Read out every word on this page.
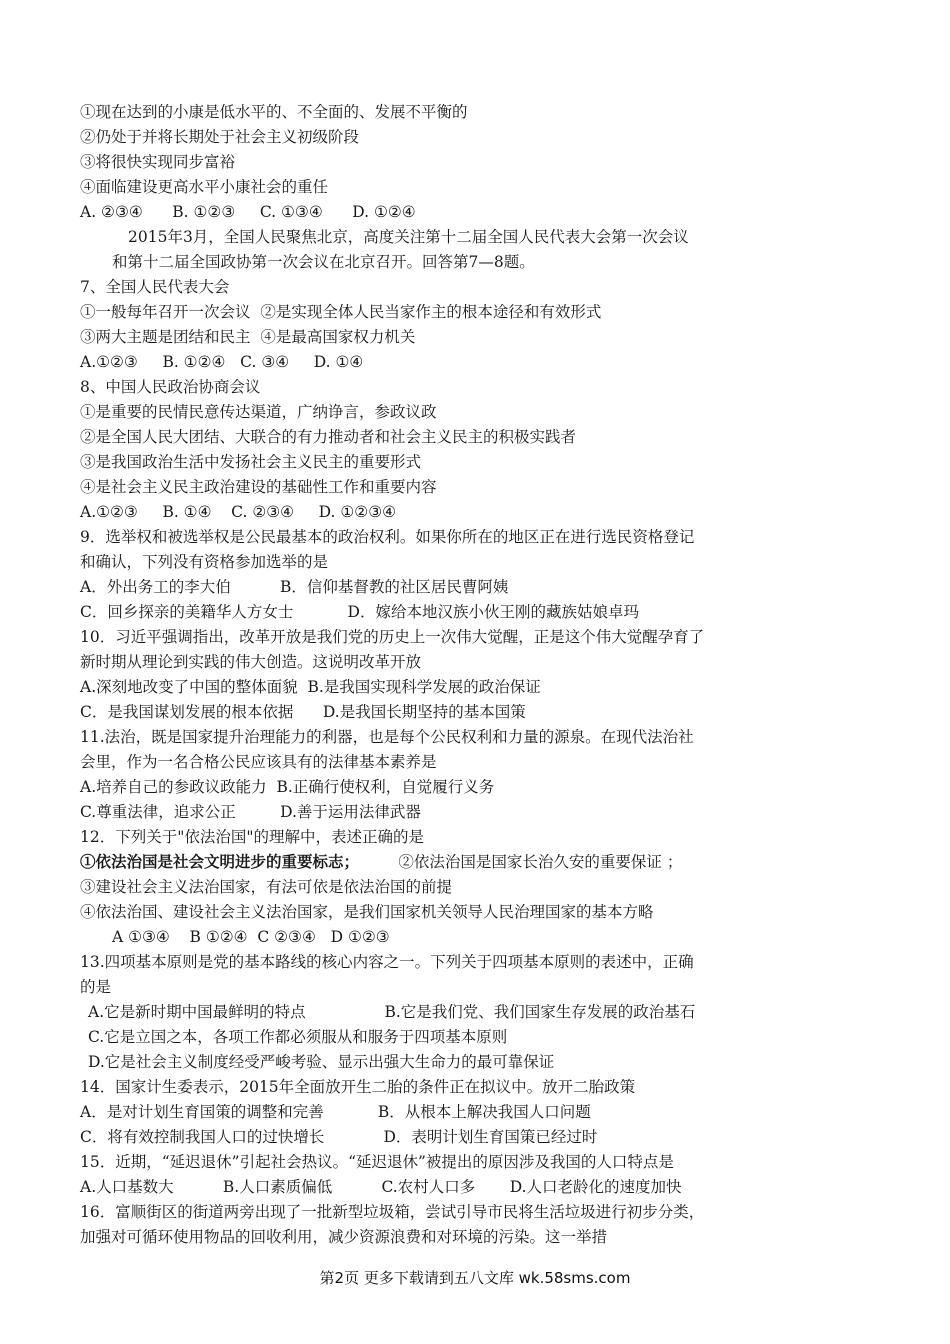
①现在达到的小康是低水平的、不全面的、发展不平衡的
②仍处于并将长期处于社会主义初级阶段
③将很快实现同步富裕
④面临建设更高水平小康社会的重任
A. ②③④      B. ①②③     C. ①③④      D. ①②④
2015年3月，全国人民聚焦北京，高度关注第十二届全国人民代表大会第一次会议
和第十二届全国政协第一次会议在北京召开。回答第7—8题。
7、全国人民代表大会
①一般每年召开一次会议  ②是实现全体人民当家作主的根本途径和有效形式
③两大主题是团结和民主  ④是最高国家权力机关
A.①②③     B. ①②④   C. ③④     D. ①④
8、中国人民政治协商会议
①是重要的民情民意传达渠道，广纳诤言，参政议政
②是全国人民大团结、大联合的有力推动者和社会主义民主的积极实践者
③是我国政治生活中发扬社会主义民主的重要形式
④是社会主义民主政治建设的基础性工作和重要内容
A.①②③     B. ①④    C. ②③④     D. ①②③④
9．选举权和被选举权是公民最基本的政治权利。如果你所在的地区正在进行选民资格登记
和确认，下列没有资格参加选举的是
A．外出务工的李大伯          B．信仰基督教的社区居民曹阿姨
C．回乡探亲的美籍华人方女士           D．嫁给本地汉族小伙王刚的藏族姑娘卓玛
10．习近平强调指出，改革开放是我们党的历史上一次伟大觉醒，正是这个伟大觉醒孕育了
新时期从理论到实践的伟大创造。这说明改革开放
A.深刻地改变了中国的整体面貌  B.是我国实现科学发展的政治保证
C．是我国谋划发展的根本依据      D.是我国长期坚持的基本国策
11.法治，既是国家提升治理能力的利器，也是每个公民权利和力量的源泉。在现代法治社
会里，作为一名合格公民应该具有的法律基本素养是
A.培养自己的参政议政能力  B.正确行使权利，自觉履行义务
C.尊重法律，追求公正         D.善于运用法律武器
12．下列关于"依法治国"的理解中，表述正确的是
①依法治国是社会文明进步的重要标志；        ②依法治国是国家长治久安的重要保证 ；
③建设社会主义法治国家，有法可依是依法治国的前提
④依法治国、建设社会主义法治国家，是我们国家机关领导人民治理国家的基本方略
A ①③④    B ①②④  C ②③④   D ①②③
13.四项基本原则是党的基本路线的核心内容之一。下列关于四项基本原则的表述中，正确
的是
A.它是新时期中国最鲜明的特点                B.它是我们党、我们国家生存发展的政治基石
C.它是立国之本，各项工作都必须服从和服务于四项基本原则
D.它是社会主义制度经受严峻考验、显示出强大生命力的最可靠保证
14．国家计生委表示，2015年全面放开生二胎的条件正在拟议中。放开二胎政策
A．是对计划生育国策的调整和完善           B．从根本上解决我国人口问题
C．将有效控制我国人口的过快增长            D．表明计划生育国策已经过时
15．近期，“延迟退休”引起社会热议。“延迟退休”被提出的原因涉及我国的人口特点是
A.人口基数大          B.人口素质偏低          C.农村人口多       D.人口老龄化的速度加快
16．富顺街区的街道两旁出现了一批新型垃圾箱，尝试引导市民将生活垃圾进行初步分类，
加强对可循环使用物品的回收利用，减少资源浪费和对环境的污染。这一举措
第2页 更多下载请到五八文库 wk.58sms.com
